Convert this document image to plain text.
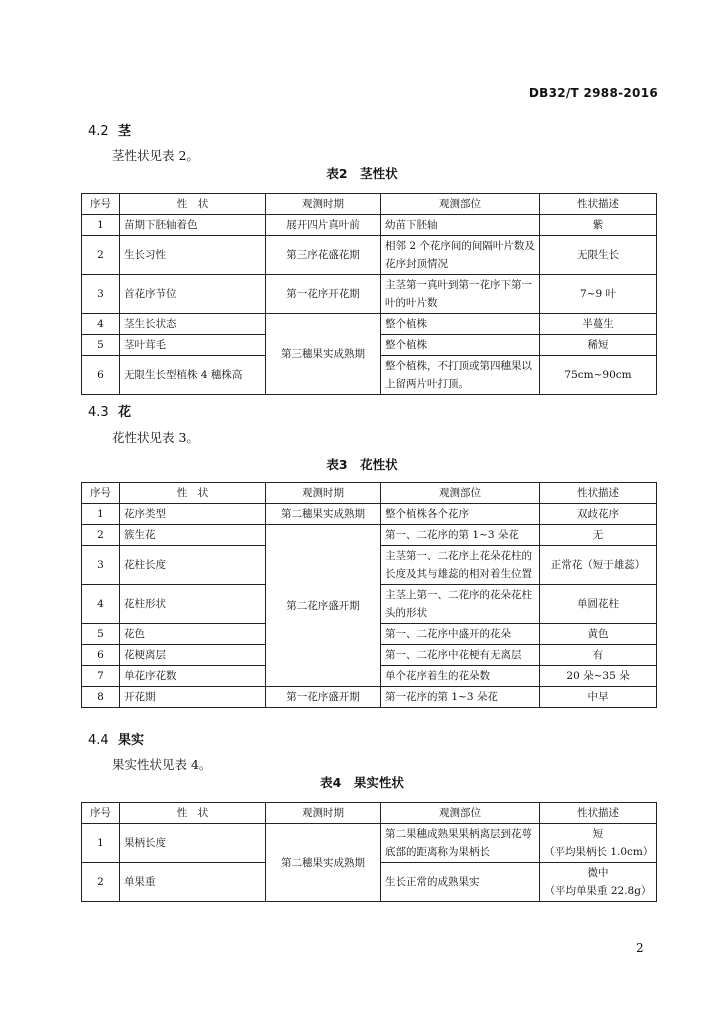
DB32/T 2988-2016
4.2 茎
茎性状见表 2。
表2　茎性状
序号	性　状	观测时期	观测部位	性状描述
1	苗期下胚轴着色	展开四片真叶前	幼苗下胚轴	紫
2	生长习性	第三序花盛花期	相邻 2 个花序间的间隔叶片数及花序封顶情况	无限生长
3	首花序节位	第一花序开花期	主茎第一真叶到第一花序下第一叶的叶片数	7~9 叶
4	茎生长状态	第三穗果实成熟期	整个植株	半蔓生
5	茎叶茸毛		整个植株	稀短
6	无限生长型植株 4 穗株高		整个植株，不打顶或第四穗果以上留两片叶打顶。	75cm~90cm
4.3 花
花性状见表 3。
表3　花性状
序号	性　状	观测时期	观测部位	性状描述
1	花序类型	第二穗果实成熟期	整个植株各个花序	双歧花序
2	簇生花	第二花序盛开期	第一、二花序的第 1~3 朵花	无
3	花柱长度		主茎第一、二花序上花朵花柱的长度及其与雄蕊的相对着生位置	正常花（短于雄蕊）
4	花柱形状		主茎上第一、二花序的花朵花柱头的形状	单圆花柱
5	花色		第一、二花序中盛开的花朵	黄色
6	花梗离层		第一、二花序中花梗有无离层	有
7	单花序花数		单个花序着生的花朵数	20 朵~35 朵
8	开花期	第一花序盛开期	第一花序的第 1~3 朵花	中早
4.4 果实
果实性状见表 4。
表4　果实性状
序号	性　状	观测时期	观测部位	性状描述
1	果柄长度	第二穗果实成熟期	第二果穗成熟果果柄离层到花萼底部的距离称为果柄长	短
（平均果柄长 1.0cm）
2	单果重		生长正常的成熟果实	微中
（平均单果重 22.8g）
2
